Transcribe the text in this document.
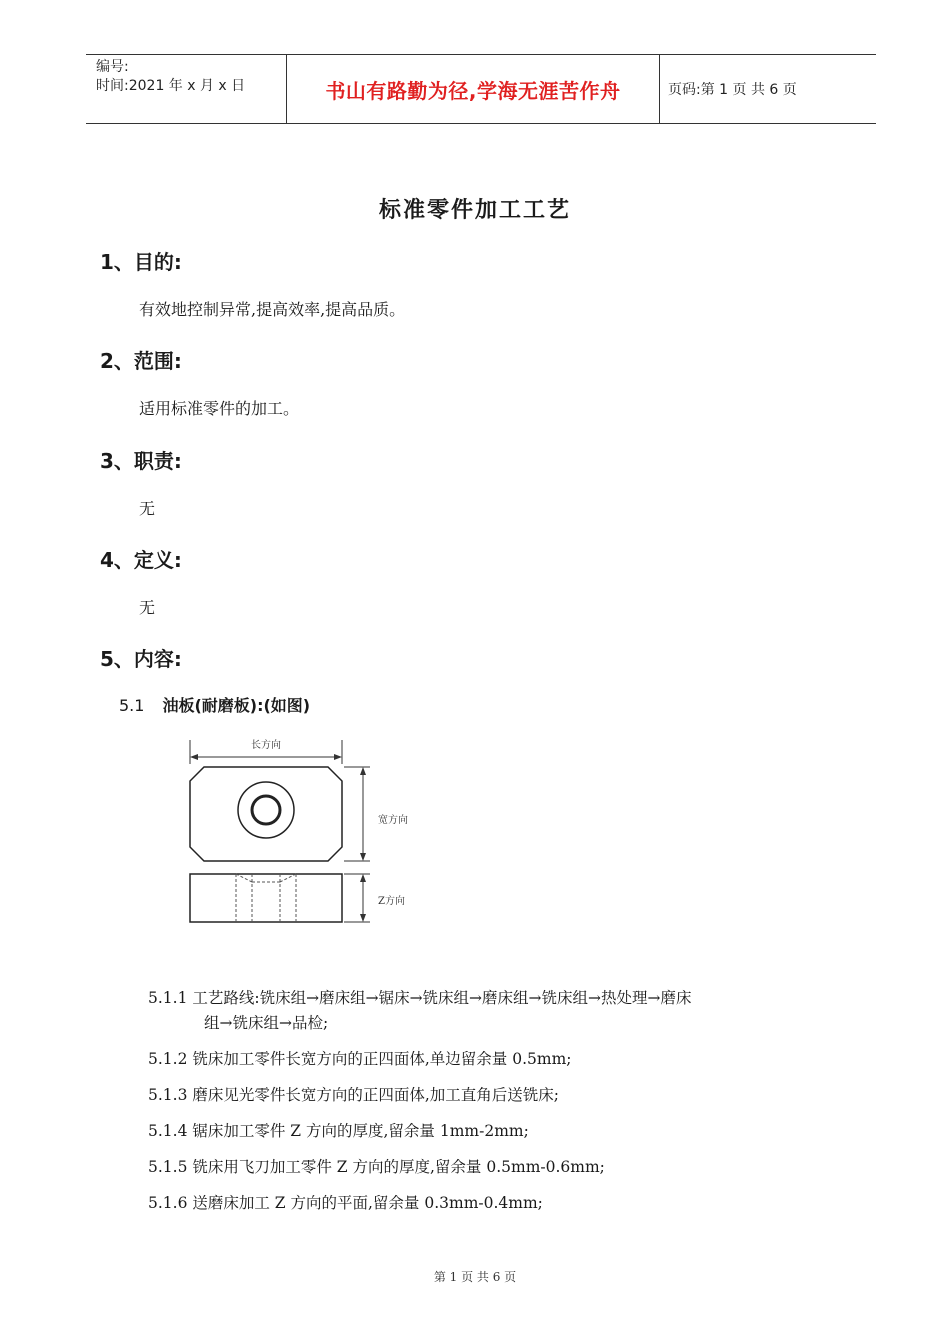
编号:
时间:2021 年 x 月 x 日	书山有路勤为径,学海无涯苦作舟	页码:第 1 页 共 6 页
标准零件加工工艺
1、目的:
有效地控制异常,提高效率,提高品质。
2、范围:
适用标准零件的加工。
3、职责:
无
4、定义:
无
5、内容:
5.1 油板(耐磨板):(如图)
长方向
宽方向
Z方向
5.1.1 工艺路线:铣床组→磨床组→锯床→铣床组→磨床组→铣床组→热处理→磨床
组→铣床组→品检;
5.1.2 铣床加工零件长宽方向的正四面体,单边留余量 0.5mm;
5.1.3 磨床见光零件长宽方向的正四面体,加工直角后送铣床;
5.1.4 锯床加工零件 Z 方向的厚度,留余量 1mm-2mm;
5.1.5 铣床用飞刀加工零件 Z 方向的厚度,留余量 0.5mm-0.6mm;
5.1.6 送磨床加工 Z 方向的平面,留余量 0.3mm-0.4mm;
第 1 页 共 6 页
